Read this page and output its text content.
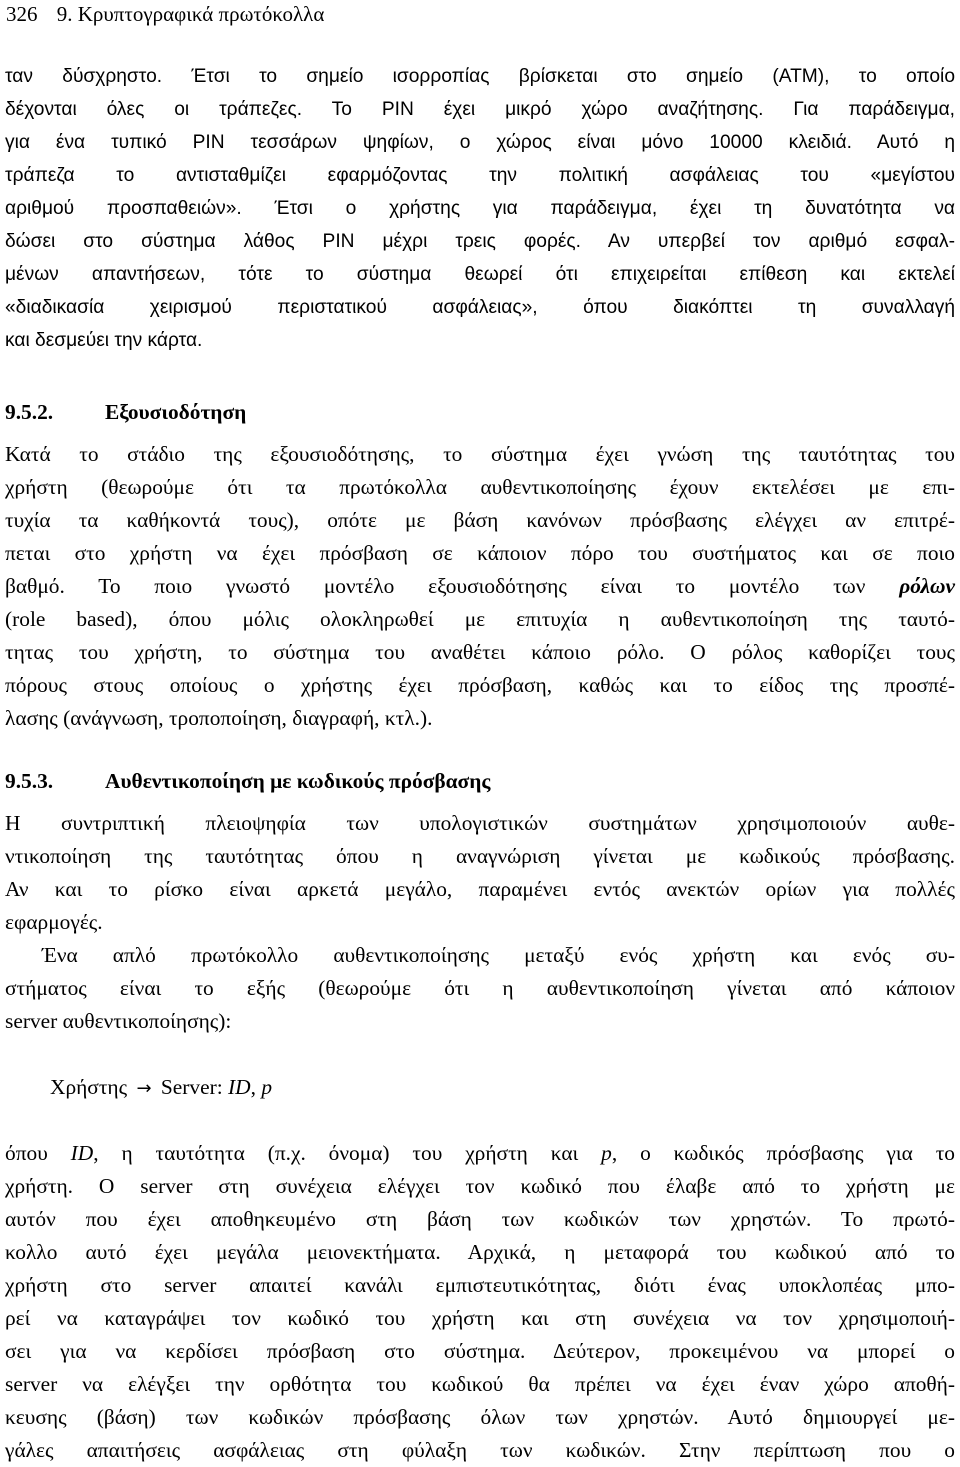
326 9. Κρυπτογραφικά πρωτόκολλα
ταν δύσχρηστο. Έτσι το σημείο ισορροπίας βρίσκεται στο σημείο (ATM), το οποίο
δέχονται όλες οι τράπεζες. Το PIN έχει μικρό χώρο αναζήτησης. Για παράδειγμα,
για ένα τυπικό PIN τεσσάρων ψηφίων, ο χώρος είναι μόνο 10000 κλειδιά. Αυτό η
τράπεζα το αντισταθμίζει εφαρμόζοντας την πολιτική ασφάλειας του «μεγίστου
αριθμού προσπαθειών». Έτσι ο χρήστης για παράδειγμα, έχει τη δυνατότητα να
δώσει στο σύστημα λάθος PIN μέχρι τρεις φορές. Αν υπερβεί τον αριθμό εσφαλ-
μένων απαντήσεων, τότε το σύστημα θεωρεί ότι επιχειρείται επίθεση και εκτελεί
«διαδικασία χειρισμού περιστατικού ασφάλειας», όπου διακόπτει τη συναλλαγή
και δεσμεύει την κάρτα.
9.5.2. Εξουσιοδότηση
Κατά το στάδιο της εξουσιοδότησης, το σύστημα έχει γνώση της ταυτότητας του
χρήστη (θεωρούμε ότι τα πρωτόκολλα αυθεντικοποίησης έχουν εκτελέσει με επι-
τυχία τα καθήκοντά τους), οπότε με βάση κανόνων πρόσβασης ελέγχει αν επιτρέ-
πεται στο χρήστη να έχει πρόσβαση σε κάποιον πόρο του συστήματος και σε ποιο
βαθμό. Το ποιο γνωστό μοντέλο εξουσιοδότησης είναι το μοντέλο των ρόλων
(role based), όπου μόλις ολοκληρωθεί με επιτυχία η αυθεντικοποίηση της ταυτό-
τητας του χρήστη, το σύστημα του αναθέτει κάποιο ρόλο. Ο ρόλος καθορίζει τους
πόρους στους οποίους ο χρήστης έχει πρόσβαση, καθώς και το είδος της προσπέ-
λασης (ανάγνωση, τροποποίηση, διαγραφή, κτλ.).
9.5.3. Αυθεντικοποίηση με κωδικούς πρόσβασης
Η συντριπτική πλειοψηφία των υπολογιστικών συστημάτων χρησιμοποιούν αυθε-
ντικοποίηση της ταυτότητας όπου η αναγνώριση γίνεται με κωδικούς πρόσβασης.
Αν και το ρίσκο είναι αρκετά μεγάλο, παραμένει εντός ανεκτών ορίων για πολλές
εφαρμογές.
Ένα απλό πρωτόκολλο αυθεντικοποίησης μεταξύ ενός χρήστη και ενός συ-
στήματος είναι το εξής (θεωρούμε ότι η αυθεντικοποίηση γίνεται από κάποιον
server αυθεντικοποίησης):
Χρήστης → Server: ID, p
όπου ID, η ταυτότητα (π.χ. όνομα) του χρήστη και p, ο κωδικός πρόσβασης για το
χρήστη. Ο server στη συνέχεια ελέγχει τον κωδικό που έλαβε από το χρήστη με
αυτόν που έχει αποθηκευμένο στη βάση των κωδικών των χρηστών. Το πρωτό-
κολλο αυτό έχει μεγάλα μειονεκτήματα. Αρχικά, η μεταφορά του κωδικού από το
χρήστη στο server απαιτεί κανάλι εμπιστευτικότητας, διότι ένας υποκλοπέας μπο-
ρεί να καταγράψει τον κωδικό του χρήστη και στη συνέχεια να τον χρησιμοποιή-
σει για να κερδίσει πρόσβαση στο σύστημα. Δεύτερον, προκειμένου να μπορεί ο
server να ελέγξει την ορθότητα του κωδικού θα πρέπει να έχει έναν χώρο αποθή-
κευσης (βάση) των κωδικών πρόσβασης όλων των χρηστών. Αυτό δημιουργεί με-
γάλες απαιτήσεις ασφάλειας στη φύλαξη των κωδικών. Στην περίπτωση που ο
